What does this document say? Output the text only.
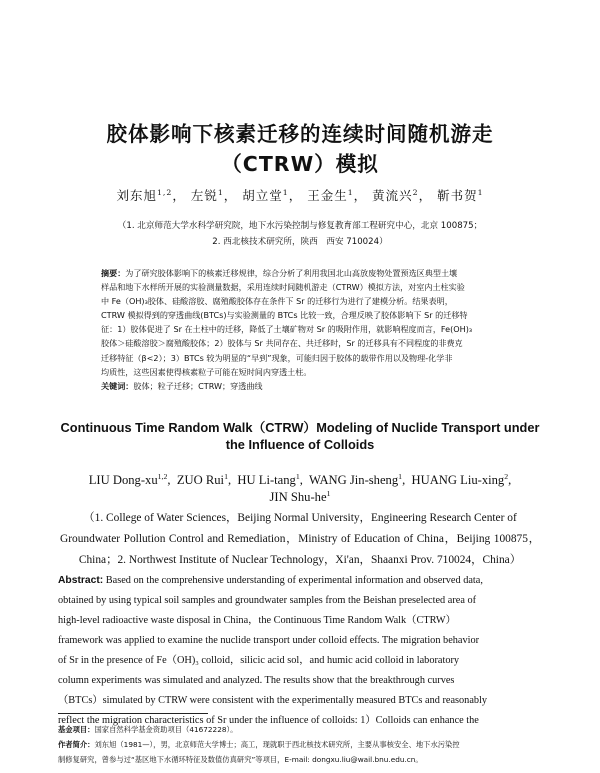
胶体影响下核素迁移的连续时间随机游走
（CTRW）模拟
刘东旭$^{1,2}$， 左锐$^1$， 胡立堂$^1$， 王金生$^1$， 黄流兴$^2$， 靳书贺$^1$
（1. 北京师范大学水科学研究院，地下水污染控制与修复教育部工程研究中心，北京 100875；
2. 西北核技术研究所，陕西　西安 710024）
摘要：为了研究胶体影响下的核素迁移规律，综合分析了利用我国北山高放废物处置预选区典型土壤
样品和地下水样所开展的实验测量数据，采用连续时间随机游走（CTRW）模拟方法，对室内土柱实验
中 Fe（OH)₃胶体、硅酸溶胶、腐殖酸胶体存在条件下 Sr 的迁移行为进行了建模分析。结果表明，
CTRW 模拟得到的穿透曲线(BTCs)与实验测量的 BTCs 比较一致，合理反映了胶体影响下 Sr 的迁移特
征：1）胶体促进了 Sr 在土柱中的迁移，降低了土壤矿物对 Sr 的吸附作用，就影响程度而言，Fe(OH)₃
胶体＞硅酸溶胶＞腐殖酸胶体；2）胶体与 Sr 共同存在、共迁移时，Sr 的迁移具有不同程度的非费克
迁移特征（β<2）；3）BTCs 较为明显的“早到”现象，可能归因于胶体的载带作用以及物理-化学非
均质性，这些因素使得核素粒子可能在短时间内穿透土柱。
关键词：胶体；粒子迁移；CTRW；穿透曲线
Continuous Time Random Walk（CTRW）Modeling of Nuclide Transport under
the Influence of Colloids
LIU Dong-xu$^{1,2}$,  ZUO Rui$^1$,  HU Li-tang$^1$,  WANG Jin-sheng$^1$,  HUANG Liu-xing$^2$,
JIN Shu-$he^1$
（1. College of Water Sciences，Beijing Normal University，Engineering Research Center of
Groundwater Pollution Control and Remediation，Ministry of Education of China，Beijing 100875，
China；2. Northwest Institute of Nuclear Technology，Xi'an，Shaanxi Prov. 710024，China）
Abstract: Based on the comprehensive understanding of experimental information and observed data,
obtained by using typical soil samples and groundwater samples from the Beishan preselected area of
high-level radioactive waste disposal in China，the Continuous Time Random Walk（CTRW）
framework was applied to examine the nuclide transport under colloid effects. The migration behavior
of Sr in the presence of Fe（OH)₃ colloid，silicic acid sol，and humic acid colloid in laboratory
column experiments was simulated and analyzed. The results show that the breakthrough curves
（BTCs）simulated by CTRW were consistent with the experimentally measured BTCs and reasonably
reflect the migration characteristics of Sr under the influence of colloids: 1）Colloids can enhance the
基金项目：国家自然科学基金资助项目（41672228）。
作者简介：刘东旭（1981—），男，北京师范大学博士；高工，现就职于西北核技术研究所，主要从事核安全、地下水污染控
制修复研究，曾参与过“基区地下水循环特征及数值仿真研究”等项目，E-mail: dongxu.liu@wail.bnu.edu.cn。
